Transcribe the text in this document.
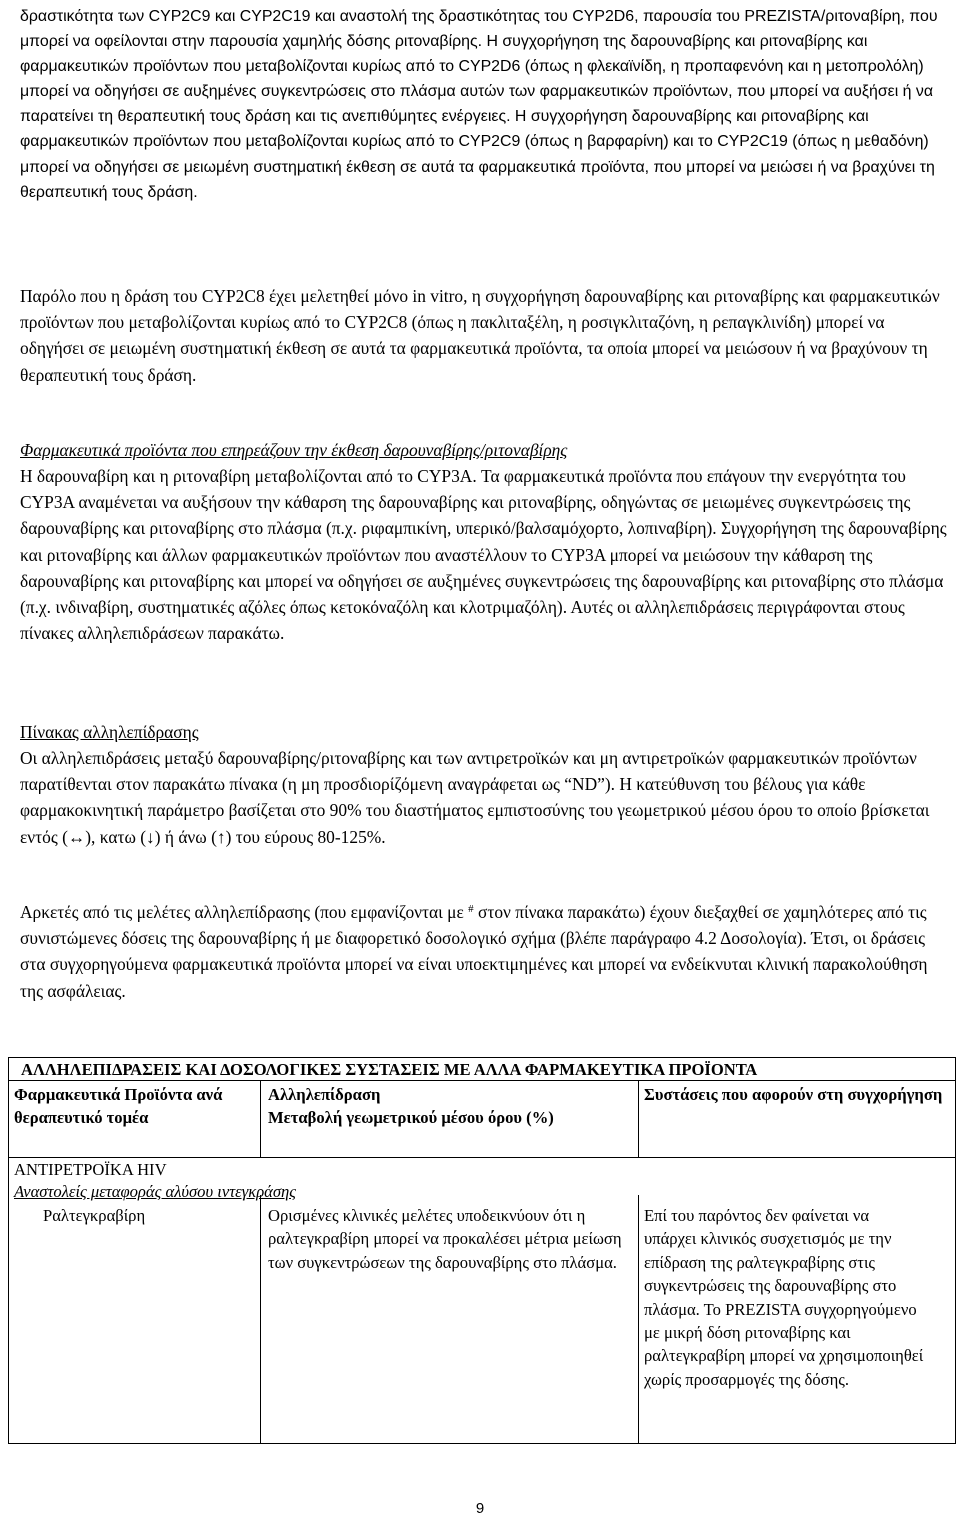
δραστικότητα των CYP2C9 και CYP2C19 και αναστολή της δραστικότητας του CYP2D6, παρουσία του PREZISTA/ριτοναβίρη, που μπορεί να οφείλονται στην παρουσία χαμηλής δόσης ριτοναβίρης. Η συγχορήγηση της δαρουναβίρης και ριτοναβίρης και φαρμακευτικών προϊόντων που μεταβολίζονται κυρίως από το CYP2D6 (όπως η φλεκαϊνίδη, η προπαφενόνη και η μετοπρολόλη) μπορεί να οδηγήσει σε αυξημένες συγκεντρώσεις στο πλάσμα αυτών των φαρμακευτικών προϊόντων, που μπορεί να αυξήσει ή να παρατείνει τη θεραπευτική τους δράση και τις ανεπιθύμητες ενέργειες. Η συγχορήγηση δαρουναβίρης και ριτοναβίρης και φαρμακευτικών προϊόντων που μεταβολίζονται κυρίως από το CYP2C9 (όπως η βαρφαρίνη) και το CYP2C19 (όπως η μεθαδόνη) μπορεί να οδηγήσει σε μειωμένη συστηματική έκθεση σε αυτά τα φαρμακευτικά προϊόντα, που μπορεί να μειώσει ή να βραχύνει τη θεραπευτική τους δράση.

Παρόλο που η δράση του CYP2C8 έχει μελετηθεί μόνο in vitro, η συγχορήγηση δαρουναβίρης και ριτοναβίρης και φαρμακευτικών προϊόντων που μεταβολίζονται κυρίως από το CYP2C8 (όπως η πακλιταξέλη, η ροσιγκλιταζόνη, η ρεπαγκλινίδη) μπορεί να οδηγήσει σε μειωμένη συστηματική έκθεση σε αυτά τα φαρμακευτικά προϊόντα, τα οποία μπορεί να μειώσουν ή να βραχύνουν τη θεραπευτική τους δράση.

Φαρμακευτικά προϊόντα που επηρεάζουν την έκθεση δαρουναβίρης/ριτοναβίρης

Η δαρουναβίρη και η ριτοναβίρη μεταβολίζονται από το CYP3A. Τα φαρμακευτικά προϊόντα που επάγουν την ενεργότητα του CYP3A αναμένεται να αυξήσουν την κάθαρση της δαρουναβίρης και ριτοναβίρης, οδηγώντας σε μειωμένες συγκεντρώσεις της δαρουναβίρης και ριτοναβίρης στο πλάσμα (π.χ. ριφαμπικίνη, υπερικό/βαλσαμόχορτο, λοπιναβίρη). Συγχορήγηση της δαρουναβίρης και ριτοναβίρης και άλλων φαρμακευτικών προϊόντων που αναστέλλουν το CYP3A μπορεί να μειώσουν την κάθαρση της δαρουναβίρης και ριτοναβίρης και μπορεί να οδηγήσει σε αυξημένες συγκεντρώσεις της δαρουναβίρης και ριτοναβίρης στο πλάσμα (π.χ. ινδιναβίρη, συστηματικές αζόλες όπως κετοκόναζόλη και κλοτριμαζόλη). Αυτές οι αλληλεπιδράσεις περιγράφονται στους πίνακες αλληλεπιδράσεων παρακάτω.

Πίνακας αλληλεπίδρασης

Οι αλληλεπιδράσεις μεταξύ δαρουναβίρης/ριτοναβίρης και των αντιρετροϊκών και μη αντιρετροϊκών φαρμακευτικών προϊόντων παρατίθενται στον παρακάτω πίνακα (η μη προσδιορίζόμενη αναγράφεται ως “ND”). Η κατεύθυνση του βέλους για κάθε φαρμακοκινητική παράμετρο βασίζεται στο 90% του διαστήματος εμπιστοσύνης του γεωμετρικού μέσου όρου το οποίο βρίσκεται εντός (↔), κατω (↓) ή άνω (↑) του εύρους 80-125%.

Αρκετές από τις μελέτες αλληλεπίδρασης (που εμφανίζονται με # στον πίνακα παρακάτω) έχουν διεξαχθεί σε χαμηλότερες από τις συνιστώμενες δόσεις της δαρουναβίρης ή με διαφορετικό δοσολογικό σχήμα (βλέπε παράγραφο 4.2 Δοσολογία). Έτσι, οι δράσεις στα συγχορηγούμενα φαρμακευτικά προϊόντα μπορεί να είναι υποεκτιμημένες και μπορεί να ενδείκνυται κλινική παρακολούθηση της ασφάλειας.

ΑΛΛΗΛΕΠΙΔΡΑΣΕΙΣ ΚΑΙ ΔΟΣΟΛΟΓΙΚΕΣ ΣΥΣΤΑΣΕΙΣ ΜΕ ΑΛΛΑ ΦΑΡΜΑΚΕΥΤΙΚΑ ΠΡΟΪΟΝΤΑ

Φαρμακευτικά Προϊόντα ανά θεραπευτικό τομέα

Αλληλεπίδραση
Μεταβολή γεωμετρικού μέσου όρου (%)

Συστάσεις που αφορούν στη συγχορήγηση

ΑΝΤΙΡΕΤΡΟΪΚΑ HIV

Αναστολείς μεταφοράς αλύσου ιντεγκράσης

Ραλτεγκραβίρη	Ορισμένες κλινικές μελέτες υποδεικνύουν ότι η ραλτεγκραβίρη μπορεί να προκαλέσει μέτρια μείωση των συγκεντρώσεων της δαρουναβίρης στο πλάσμα.

Επί του παρόντος δεν φαίνεται να υπάρχει κλινικός συσχετισμός με την επίδραση της ραλτεγκραβίρης στις συγκεντρώσεις της δαρουναβίρης στο πλάσμα. Το PREZISTA συγχορηγούμενο με μικρή δόση ριτοναβίρης και ραλτεγκραβίρη μπορεί να χρησιμοποιηθεί χωρίς προσαρμογές της δόσης.

9
